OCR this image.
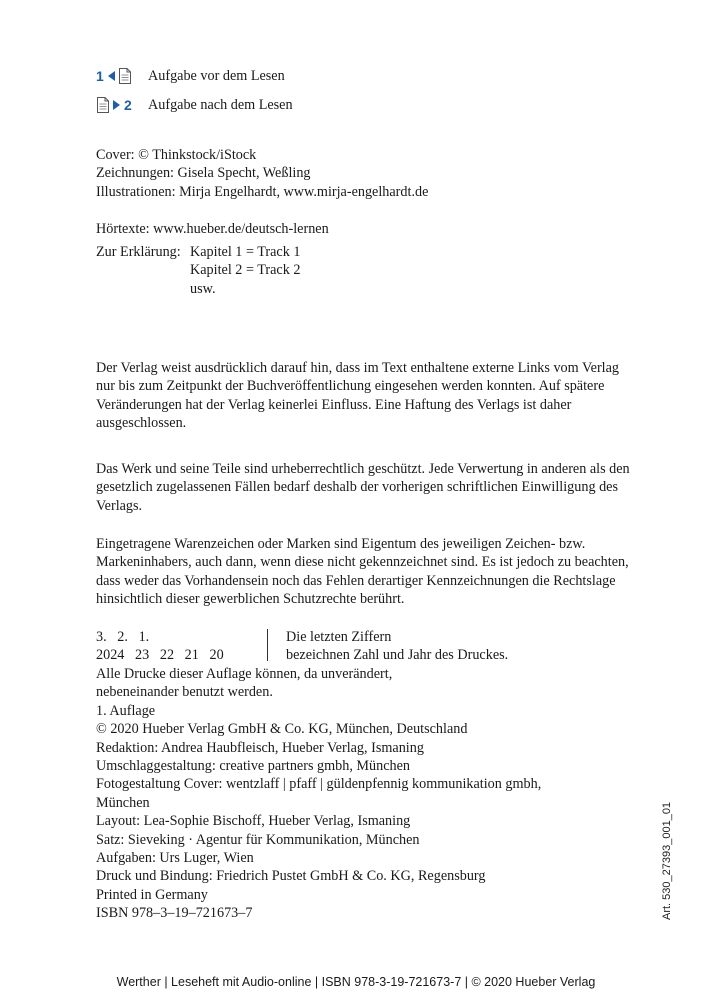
1	Aufgabe vor dem Lesen
2 Aufgabe nach dem Lesen

Cover: © Thinkstock/iStock

Zeichnungen: Gisela Specht, Weßling

Illustrationen: Mirja Engelhardt, www.mirja-engelhardt.de

Hörtexte: www.hueber.de/deutsch-lernen

Zur Erklärung: Kapitel 1 = Track 1

Kapitel 2 = Track 2

usw.

Der Verlag weist ausdrücklich darauf hin, dass im Text enthaltene externe Links vom Verlag nur bis zum Zeitpunkt der Buchveröffentlichung eingesehen werden konnten. Auf spätere Veränderungen hat der Verlag keinerlei Einfluss. Eine Haftung des Verlags ist daher ausgeschlossen.

Das Werk und seine Teile sind urheberrechtlich geschützt. Jede Verwertung in anderen als den gesetzlich zugelassenen Fällen bedarf deshalb der vorherigen schriftlichen Einwilligung des Verlags.

Eingetragene Warenzeichen oder Marken sind Eigentum des jeweiligen Zeichen- bzw. Markeninhabers, auch dann, wenn diese nicht gekennzeichnet sind. Es ist jedoch zu beachten, dass weder das Vorhandensein noch das Fehlen derartiger Kennzeichnungen die Rechtslage hinsichtlich dieser gewerblichen Schutzrechte berührt.

3.   2.   1.

2024   23   22   21   20

Die letzten Ziffern

bezeichnen Zahl und Jahr des Druckes.

Alle Drucke dieser Auflage können, da unverändert,

nebeneinander benutzt werden.

1. Auflage

© 2020 Hueber Verlag GmbH & Co. KG, München, Deutschland

Redaktion: Andrea Haubfleisch, Hueber Verlag, Ismaning

Umschlaggestaltung: creative partners gmbh, München

Fotogestaltung Cover: wentzlaff | pfaff | güldenpfennig kommunikation gmbh,

München

Layout: Lea-Sophie Bischoff, Hueber Verlag, Ismaning

Satz: Sieveking · Agentur für Kommunikation, München

Aufgaben: Urs Luger, Wien

Druck und Bindung: Friedrich Pustet GmbH & Co. KG, Regensburg

Printed in Germany

ISBN 978–3–19–721673–7	Art. 530_27393_001_01
Werther | Leseheft mit Audio-online | ISBN 978-3-19-721673-7 | © 2020 Hueber Verlag
